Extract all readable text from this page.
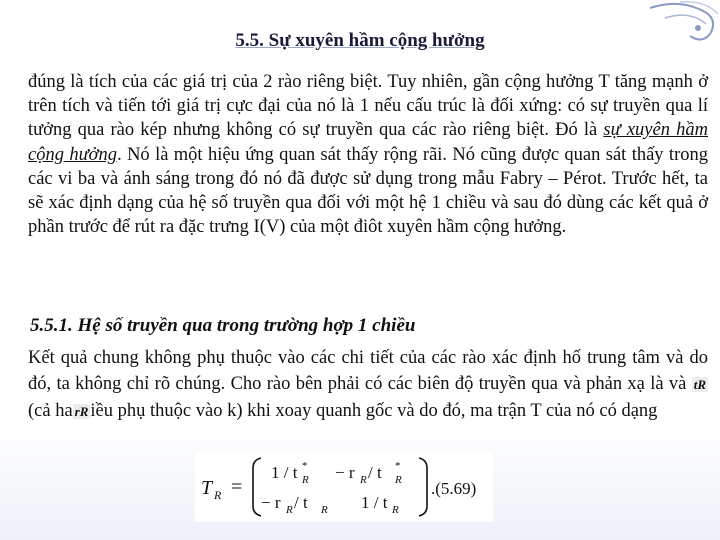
5.5. Sự xuyên hầm cộng hưởng
đúng là tích của các giá trị của 2 rào riêng biệt. Tuy nhiên, gần cộng hưởng T tăng mạnh ở trên tích và tiến tới giá trị cực đại của nó là 1 nếu cấu trúc là đối xứng: có sự truyền qua lí tưởng qua rào kép nhưng không có sự truyền qua các rào riêng biệt. Đó là sự xuyên hầm cộng hưởng. Nó là một hiệu ứng quan sát thấy rộng rãi. Nó cũng được quan sát thấy trong các vi ba và ánh sáng trong đó nó đã được sử dụng trong mẫu Fabry – Pérot. Trước hết, ta sẽ xác định dạng của hệ số truyền qua đối với một hệ 1 chiều và sau đó dùng các kết quả ở phần trước để rút ra đặc trưng I(V) của một điôt xuyên hầm cộng hưởng.
5.5.1. Hệ số truyền qua trong trường hợp 1 chiều
Kết quả chung không phụ thuộc vào các chi tiết của các rào xác định hố trung tâm và do đó, ta không chỉ rõ chúng. Cho rào bên phải có các biên độ truyền qua và phản xạ là và tR (cả ha rR iều phụ thuộc vào k) khi xoay quanh gốc và do đó, ma trận T của nó có dạng
T R =
1 / t *
R − r R / t *
R
− r R / t R 1 / t R
.(5.69)
